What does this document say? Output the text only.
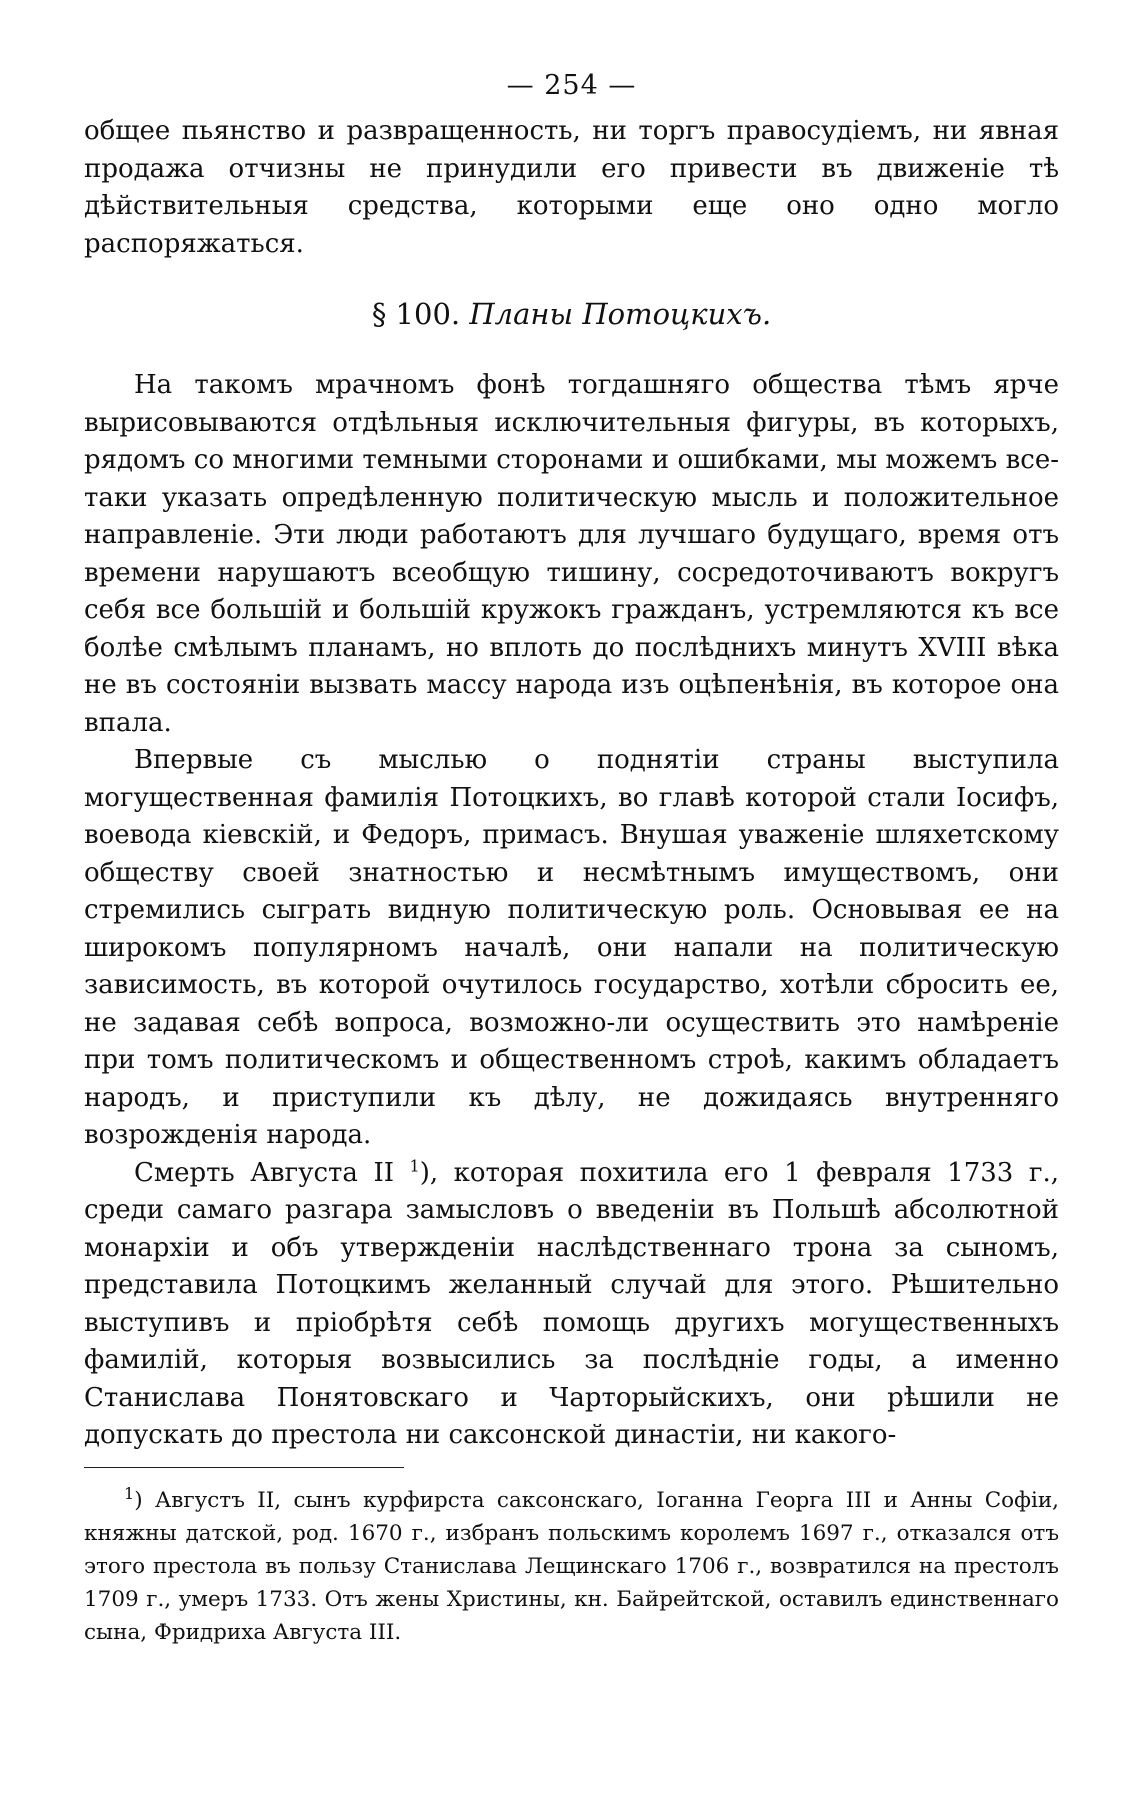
— 254 —

общее пьянство и развращенность, ни торгъ правосудіемъ, ни явная продажа отчизны не принудили его привести въ движеніе тѣ дѣйствительныя средства, которыми еще оно одно могло распоряжаться.

§ 100. Планы Потоцкихъ.

На такомъ мрачномъ фонѣ тогдашняго общества тѣмъ ярче вырисовываются отдѣльныя исключительныя фигуры, въ которыхъ, рядомъ со многими темными сторонами и ошибками, мы можемъ все-таки указать опредѣленную политическую мысль и положительное направленіе. Эти люди работаютъ для лучшаго будущаго, время отъ времени нарушаютъ всеобщую тишину, сосредоточиваютъ вокругъ себя все большій и большій кружокъ гражданъ, устремляются къ все болѣе смѣлымъ планамъ, но вплоть до послѣднихъ минутъ XVIII вѣка не въ состояніи вызвать массу народа изъ оцѣпенѣнія, въ которое она впала.

Впервые съ мыслью о поднятіи страны выступила могущественная фамилія Потоцкихъ, во главѣ которой стали Іосифъ, воевода кіевскій, и Федоръ, примасъ. Внушая уваженіе шляхетскому обществу своей знатностью и несмѣтнымъ имуществомъ, они стремились сыграть видную политическую роль. Основывая ее на широкомъ популярномъ началѣ, они напали на политическую зависимость, въ которой очутилось государство, хотѣли сбросить ее, не задавая себѣ вопроса, возможно-ли осуществить это намѣреніе при томъ политическомъ и общественномъ строѣ, какимъ обладаетъ народъ, и приступили къ дѣлу, не дожидаясь внутренняго возрожденія народа.

Смерть Августа II $^1$), которая похитила его 1 февраля 1733 г., среди самаго разгара замысловъ о введеніи въ Польшѣ абсолютной монархіи и объ утвержденіи наслѣдственнаго трона за сыномъ, представила Потоцкимъ желанный случай для этого. Рѣшительно выступивъ и пріобрѣтя себѣ помощь другихъ могущественныхъ фамилій, которыя возвысились за послѣдніе годы, а именно Станислава Понятовскаго и Чарторыйскихъ, они рѣшили не допускать до престола ни саксонской династіи, ни какого-

$^1$) Августъ II, сынъ курфирста саксонскаго, Іоганна Георга III и Анны Софіи, княжны датской, род. 1670 г., избранъ польскимъ королемъ 1697 г., отказался отъ этого престола въ пользу Станислава Лещинскаго 1706 г., возвратился на престолъ 1709 г., умеръ 1733. Отъ жены Христины, кн. Байрейтской, оставилъ единственнаго сына, Фридриха Августа III.
